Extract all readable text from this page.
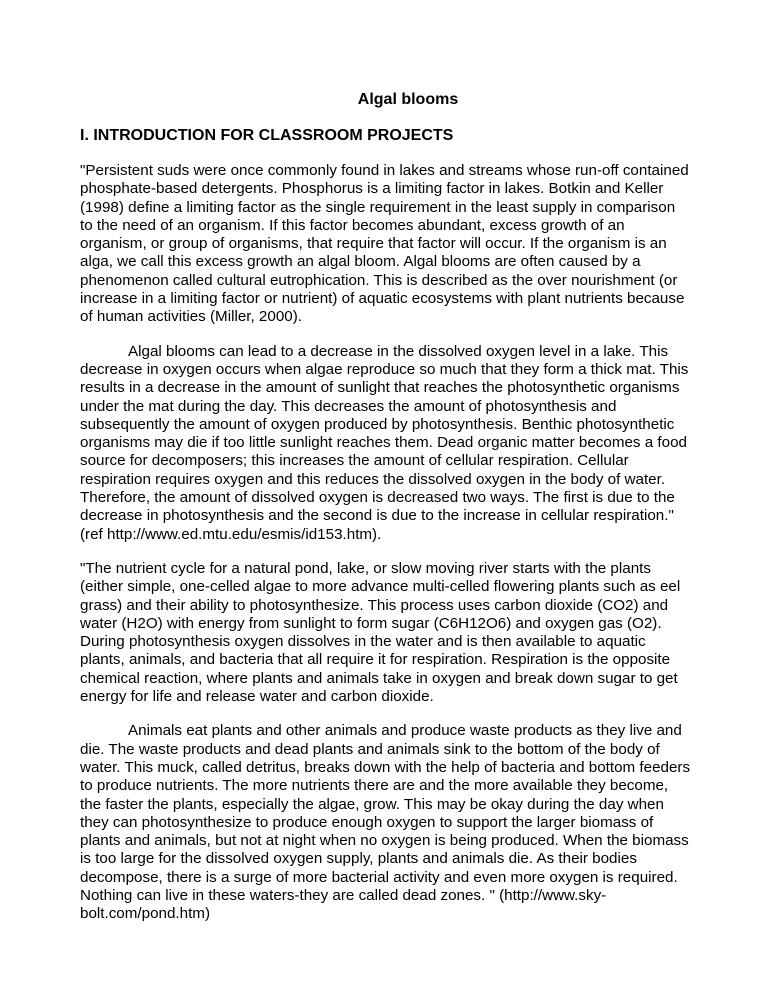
Algal blooms
I. INTRODUCTION FOR CLASSROOM PROJECTS

"Persistent suds were once commonly found in lakes and streams whose run-off contained phosphate-based detergents. Phosphorus is a limiting factor in lakes. Botkin and Keller (1998) define a limiting factor as the single requirement in the least supply in comparison to the need of an organism. If this factor becomes abundant, excess growth of an organism, or group of organisms, that require that factor will occur. If the organism is an alga, we call this excess growth an algal bloom. Algal blooms are often caused by a phenomenon called cultural eutrophication. This is described as the over nourishment (or increase in a limiting factor or nutrient) of aquatic ecosystems with plant nutrients because of human activities (Miller, 2000).

Algal blooms can lead to a decrease in the dissolved oxygen level in a lake. This decrease in oxygen occurs when algae reproduce so much that they form a thick mat. This results in a decrease in the amount of sunlight that reaches the photosynthetic organisms under the mat during the day. This decreases the amount of photosynthesis and subsequently the amount of oxygen produced by photosynthesis. Benthic photosynthetic organisms may die if too little sunlight reaches them. Dead organic matter becomes a food source for decomposers; this increases the amount of cellular respiration. Cellular respiration requires oxygen and this reduces the dissolved oxygen in the body of water. Therefore, the amount of dissolved oxygen is decreased two ways. The first is due to the decrease in photosynthesis and the second is due to the increase in cellular respiration." (ref http://www.ed.mtu.edu/esmis/id153.htm).

"The nutrient cycle for a natural pond, lake, or slow moving river starts with the plants (either simple, one-celled algae to more advance multi-celled flowering plants such as eel grass) and their ability to photosynthesize. This process uses carbon dioxide (CO2) and water (H2O) with energy from sunlight to form sugar (C6H12O6) and oxygen gas (O2). During photosynthesis oxygen dissolves in the water and is then available to aquatic plants, animals, and bacteria that all require it for respiration. Respiration is the opposite chemical reaction, where plants and animals take in oxygen and break down sugar to get energy for life and release water and carbon dioxide.

Animals eat plants and other animals and produce waste products as they live and die. The waste products and dead plants and animals sink to the bottom of the body of water. This muck, called detritus, breaks down with the help of bacteria and bottom feeders to produce nutrients. The more nutrients there are and the more available they become, the faster the plants, especially the algae, grow. This may be okay during the day when they can photosynthesize to produce enough oxygen to support the larger biomass of plants and animals, but not at night when no oxygen is being produced. When the biomass is too large for the dissolved oxygen supply, plants and animals die. As their bodies decompose, there is a surge of more bacterial activity and even more oxygen is required. Nothing can live in these waters-they are called dead zones. " (http://www.sky-bolt.com/pond.htm)
